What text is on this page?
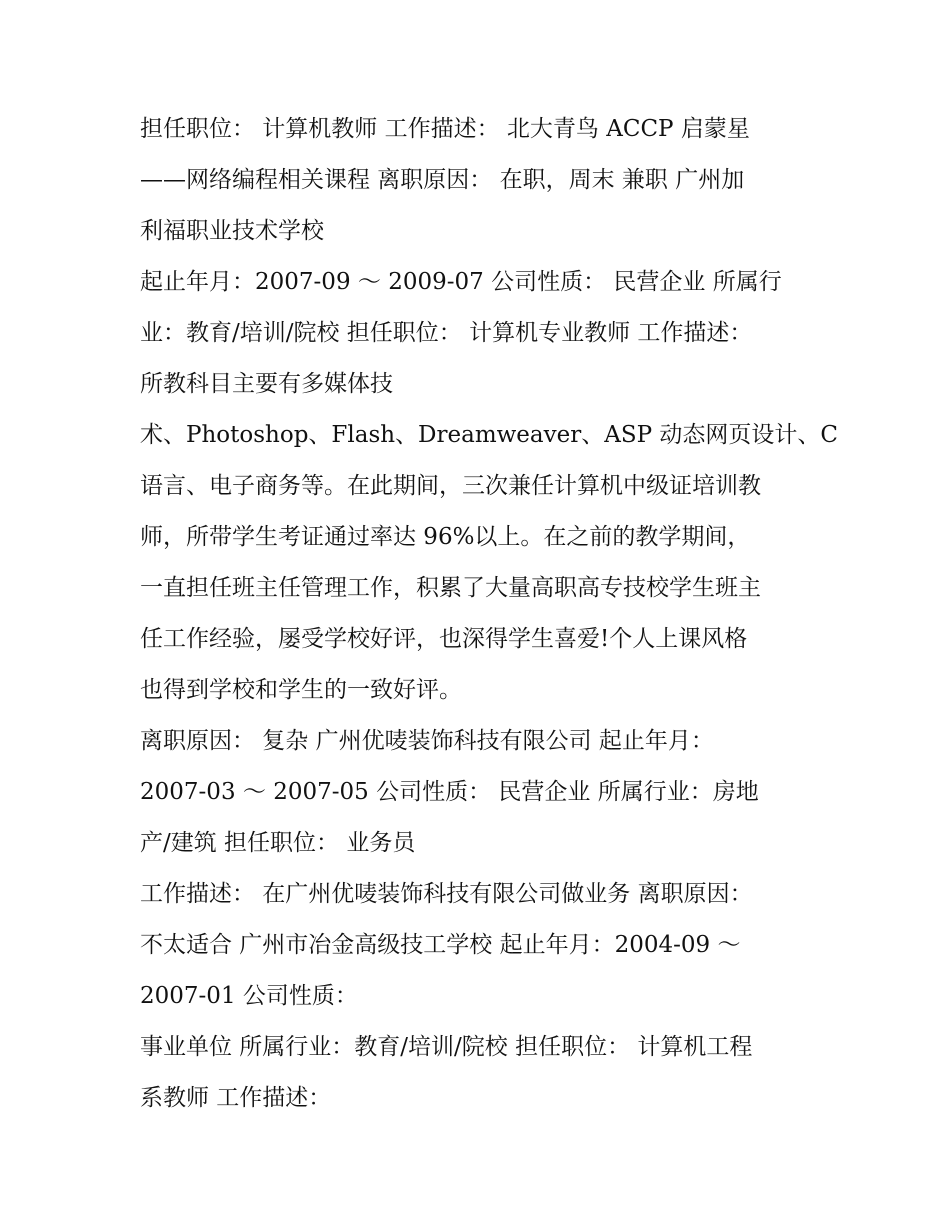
担任职位： 计算机教师 工作描述： 北大青鸟 ACCP 启蒙星
——网络编程相关课程 离职原因： 在职，周末 兼职 广州加
利福职业技术学校
起止年月：2007-09 ～ 2009-07 公司性质： 民营企业 所属行
业：教育/培训/院校 担任职位： 计算机专业教师 工作描述：
所教科目主要有多媒体技
术、Photoshop、Flash、Dreamweaver、ASP 动态网页设计、C
语言、电子商务等。在此期间，三次兼任计算机中级证培训教
师，所带学生考证通过率达 96%以上。在之前的教学期间，
一直担任班主任管理工作，积累了大量高职高专技校学生班主
任工作经验，屡受学校好评，也深得学生喜爱!个人上课风格
也得到学校和学生的一致好评。
离职原因： 复杂 广州优唛装饰科技有限公司 起止年月：
2007-03 ～ 2007-05 公司性质： 民营企业 所属行业：房地
产/建筑 担任职位： 业务员
工作描述： 在广州优唛装饰科技有限公司做业务 离职原因：
不太适合 广州市冶金高级技工学校 起止年月：2004-09 ～
2007-01 公司性质：
事业单位 所属行业：教育/培训/院校 担任职位： 计算机工程
系教师 工作描述：
